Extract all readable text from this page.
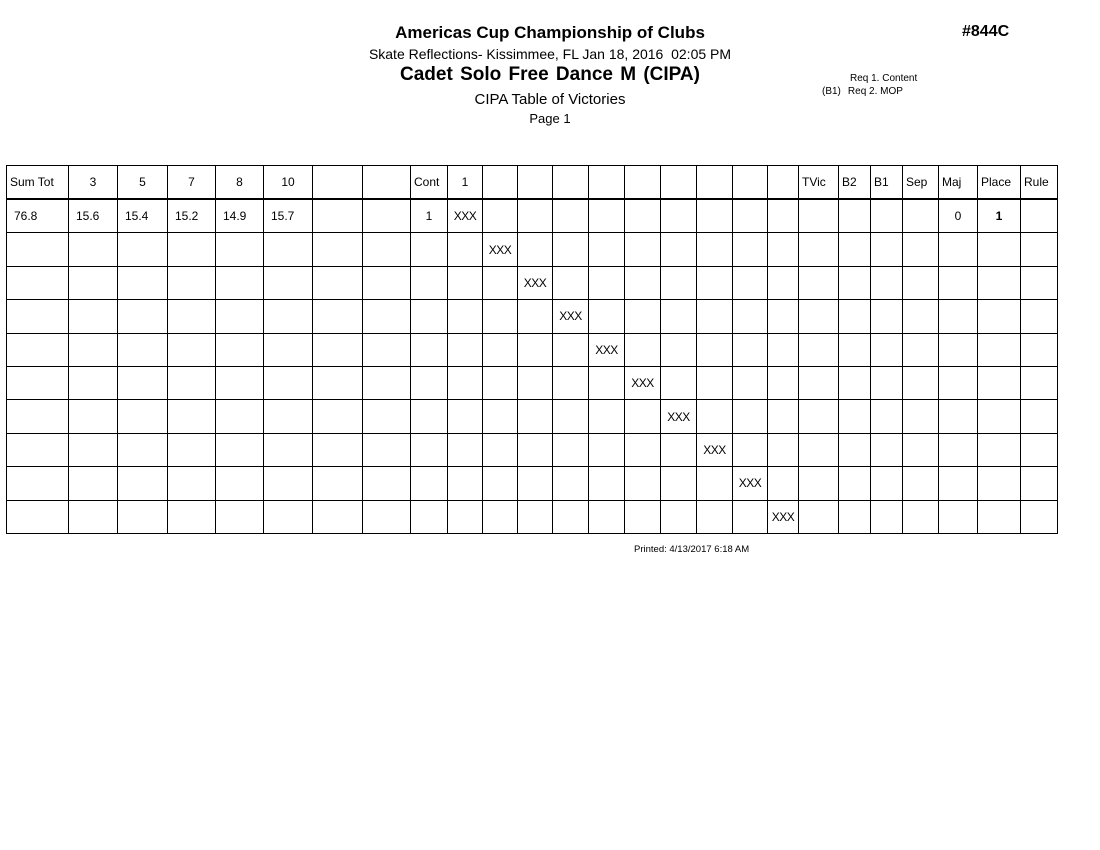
Americas Cup Championship of Clubs
Skate Reflections- Kissimmee, FL Jan 18, 2016  02:05 PM
Cadet Solo Free Dance M (CIPA)
CIPA Table of Victories
Page 1
#844C
Req 1. Content
(B1) Req 2. MOP
Sum Tot	3	5	7	8	10			Cont	1										TVic	B2	B1	Sep	Maj	Place	Rule
76.8	15.6	15.4	15.2	14.9	15.7			1	XXX														0	1	
										XXX															
											XXX														
												XXX													
													XXX												
														XXX											
															XXX										
																XXX									
																	XXX								
																		XXX							
Printed: 4/13/2017 6:18 AM
